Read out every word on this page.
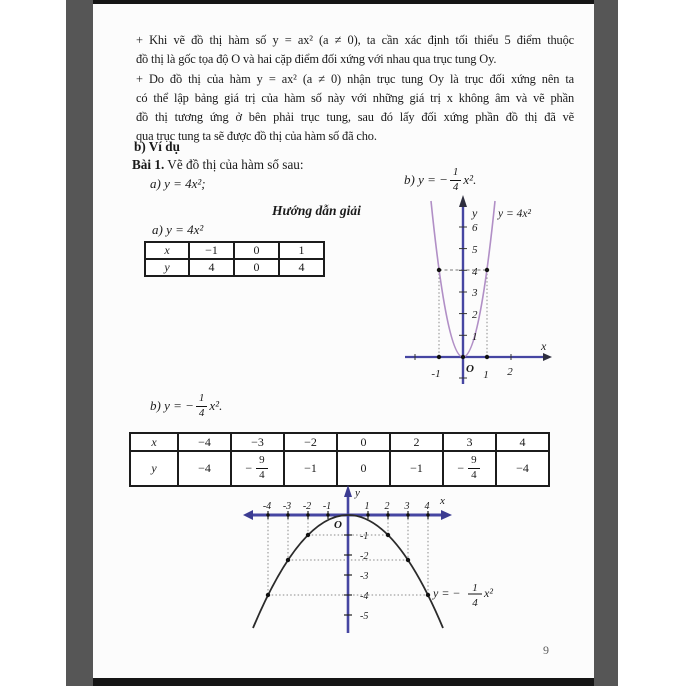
+ Khi vẽ đồ thị hàm số y = ax² (a ≠ 0), ta cần xác định tối thiểu 5 điểm thuộc
đồ thị là gốc tọa độ O và hai cặp điểm đối xứng với nhau qua trục tung Oy.
+ Do đồ thị của hàm y = ax² (a ≠ 0) nhận trục tung Oy là trục đối xứng nên ta
có thể lập bảng giá trị của hàm số này với những giá trị x không âm và vẽ phần
đồ thị tương ứng ở bên phải trục tung, sau đó lấy đối xứng phần đồ thị đã vẽ
qua trục tung ta sẽ được đồ thị của hàm số đã cho.
b) Ví dụ
Bài 1. Vẽ đồ thị của hàm số sau:
a) y = 4x²;	b) y = − $\frac{1}{4} x^2$.
Hướng dẫn giải
a) y = 4x²
x	−1	0	1
y	4	0	4
y y = 4x²
x
6
5
4
3
2
1
-1 O 1 2
b) y = − $\frac{1}{4} x^2$.
x	−4	−3	−2	0	2	3	4
y	−4	− $\frac{9}{4}$	−1	0	−1	− $\frac{9}{4}$	−4
-4 -3 -2 -1	1 2 3 4
O
y
x
-1
-2
-3
-4
-5
y = − 1
4
x²
9
